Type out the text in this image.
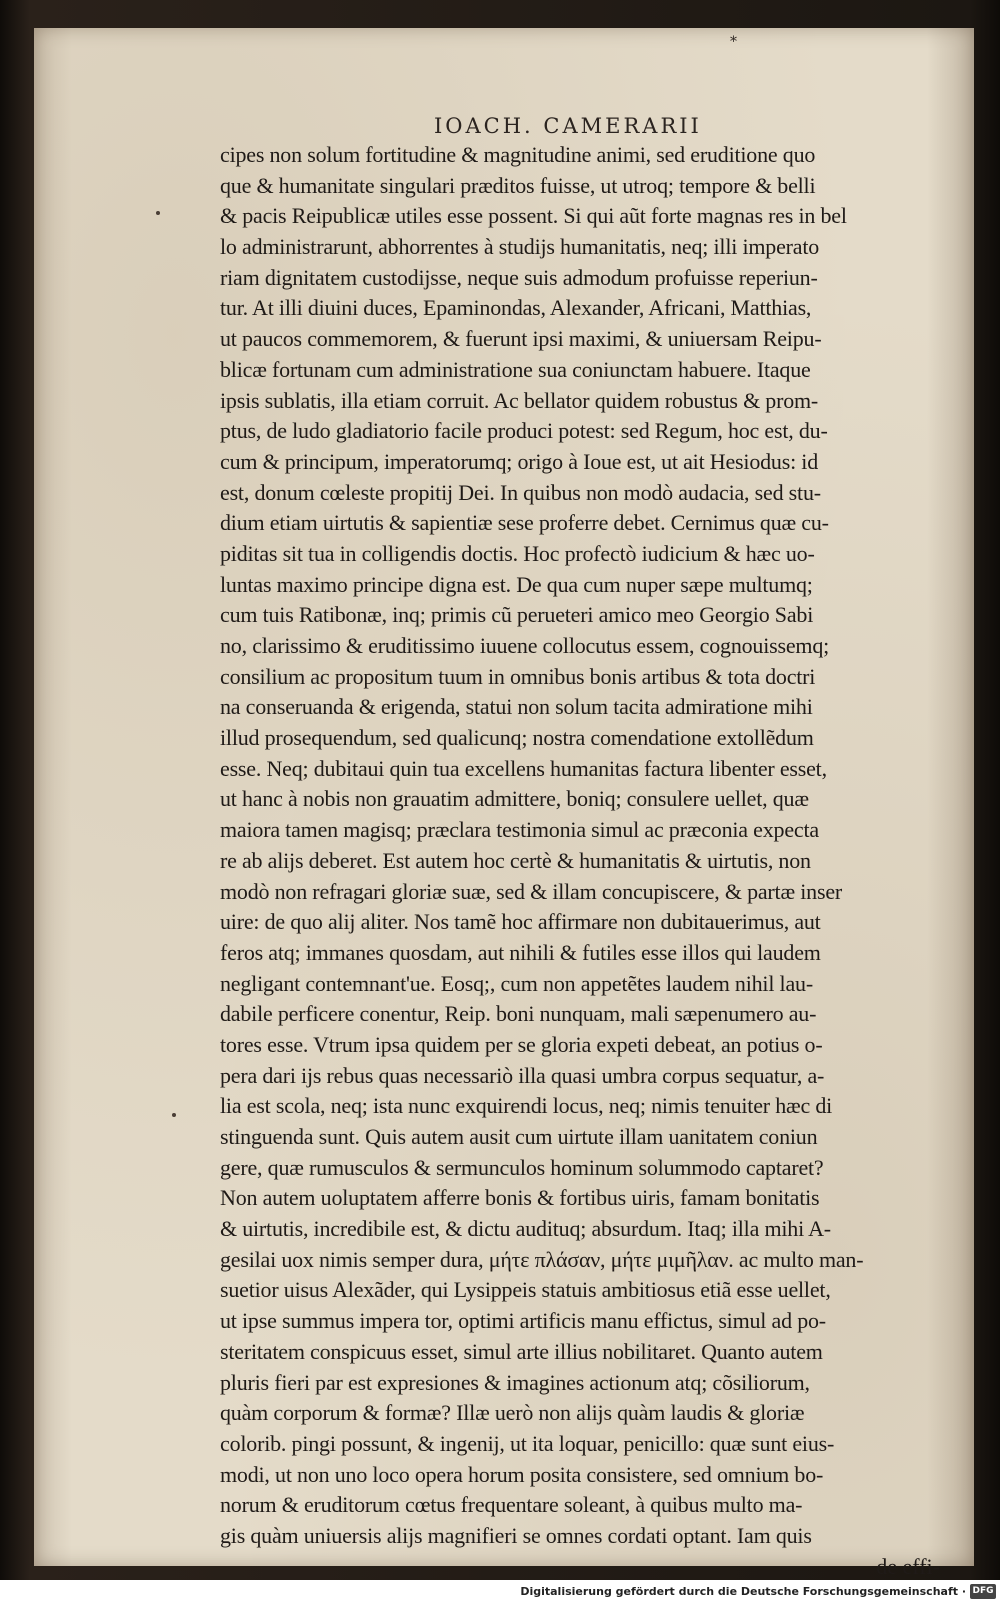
*
IOACH. CAMERARII
cipes non solum fortitudine & magnitudine animi, sed eruditione quo
que & humanitate singulari præditos fuisse, ut utroq; tempore & belli
& pacis Reipublicæ utiles esse possent. Si qui aũt forte magnas res in bel
lo administrarunt, abhorrentes à studijs humanitatis, neq; illi imperato
riam dignitatem custodijsse, neque suis admodum profuisse reperiun-
tur. At illi diuini duces, Epaminondas, Alexander, Africani, Matthias,
ut paucos commemorem, & fuerunt ipsi maximi, & uniuersam Reipu-
blicæ fortunam cum administratione sua coniunctam habuere. Itaque
ipsis sublatis, illa etiam corruit. Ac bellator quidem robustus & prom-
ptus, de ludo gladiatorio facile produci potest: sed Regum, hoc est, du-
cum & principum, imperatorumq; origo à Ioue est, ut ait Hesiodus: id
est, donum cœleste propitij Dei. In quibus non modò audacia, sed stu-
dium etiam uirtutis & sapientiæ sese proferre debet. Cernimus quæ cu-
piditas sit tua in colligendis doctis. Hoc profectò iudicium & hæc uo-
luntas maximo principe digna est. De qua cum nuper sæpe multumq;
cum tuis Ratibonæ, inq; primis cũ perueteri amico meo Georgio Sabi
no, clarissimo & eruditissimo iuuene collocutus essem, cognouissemq;
consilium ac propositum tuum in omnibus bonis artibus & tota doctri
na conseruanda & erigenda, statui non solum tacita admiratione mihi
illud prosequendum, sed qualicunq; nostra comendatione extollẽdum
esse. Neq; dubitaui quin tua excellens humanitas factura libenter esset,
ut hanc à nobis non grauatim admittere, boniq; consulere uellet, quæ
maiora tamen magisq; præclara testimonia simul ac præconia expecta
re ab alijs deberet. Est autem hoc certè & humanitatis & uirtutis, non
modò non refragari gloriæ suæ, sed & illam concupiscere, & partæ inser
uire: de quo alij aliter. Nos tamẽ hoc affirmare non dubitauerimus, aut
feros atq; immanes quosdam, aut nihili & futiles esse illos qui laudem
negligant contemnant'ue. Eosq;, cum non appetẽtes laudem nihil lau-
dabile perficere conentur, Reip. boni nunquam, mali sæpenumero au-
tores esse. Vtrum ipsa quidem per se gloria expeti debeat, an potius o-
pera dari ijs rebus quas necessariò illa quasi umbra corpus sequatur, a-
lia est scola, neq; ista nunc exquirendi locus, neq; nimis tenuiter hæc di
stinguenda sunt. Quis autem ausit cum uirtute illam uanitatem coniun
gere, quæ rumusculos & sermunculos hominum solummodo captaret?
Non autem uoluptatem afferre bonis & fortibus uiris, famam bonitatis
& uirtutis, incredibile est, & dictu audituq; absurdum. Itaq; illa mihi A-
gesilai uox nimis semper dura, μήτε πλάσαν, μήτε μιμῆλαν. ac multo man-
suetior uisus Alexãder, qui Lysippeis statuis ambitiosus etiã esse uellet,
ut ipse summus impera tor, optimi artificis manu effictus, simul ad po-
steritatem conspicuus esset, simul arte illius nobilitaret. Quanto autem
pluris fieri par est expresiones & imagines actionum atq; cõsiliorum,
quàm corporum & formæ? Illæ uerò non alijs quàm laudis & gloriæ
colorib. pingi possunt, & ingenij, ut ita loquar, penicillo: quæ sunt eius-
modi, ut non uno loco opera horum posita consistere, sed omnium bo-
norum & eruditorum cœtus frequentare soleant, à quibus multo ma-
gis quàm uniuersis alijs magnifieri se omnes cordati optant. Iam quis
de effi-
Digitalisierung gefördert durch die Deutsche Forschungsgemeinschaft · DFG
